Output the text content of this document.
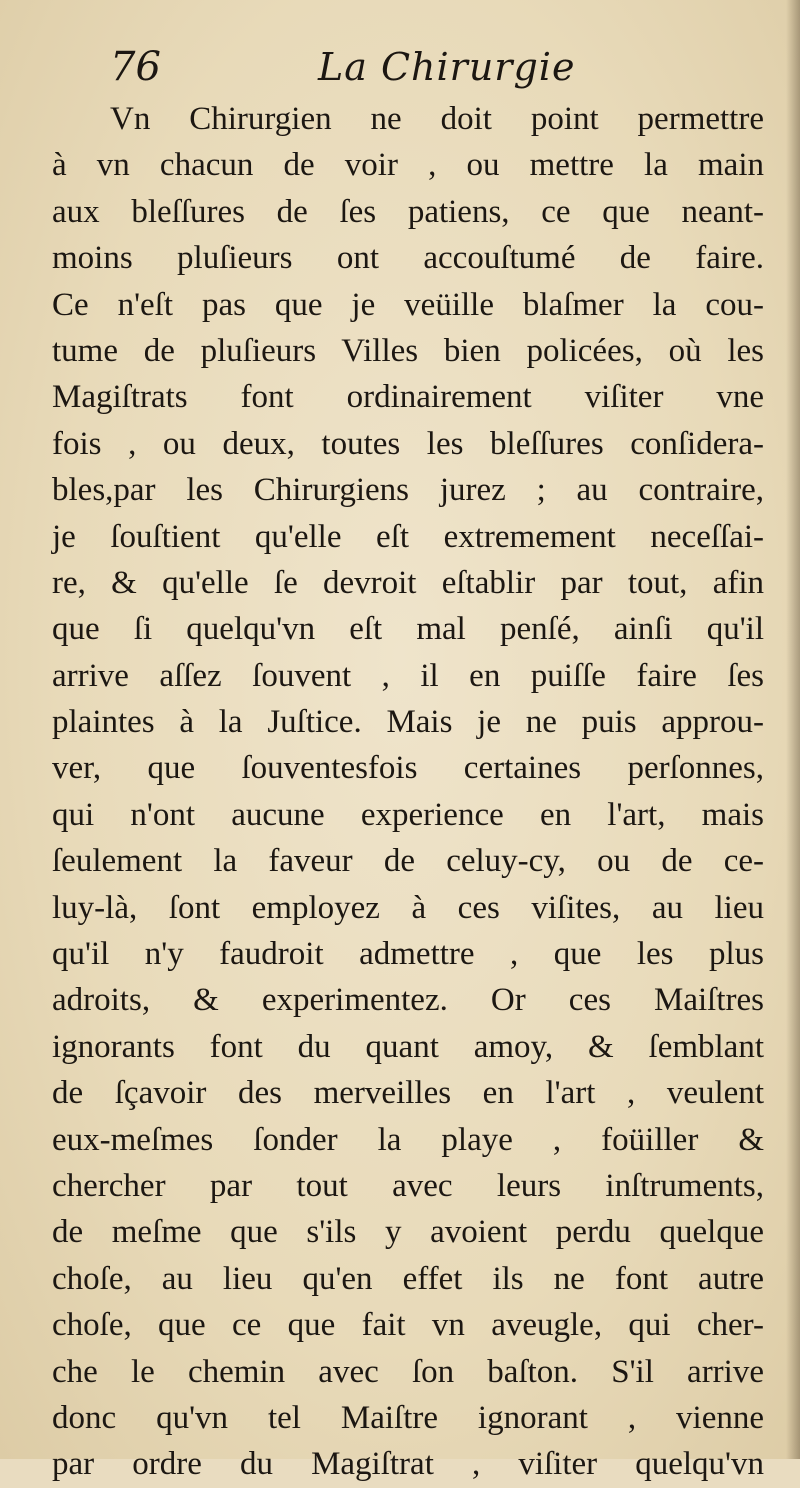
76	La Chirurgie
Vn Chirurgien ne doit point permettre
à vn chacun de voir , ou mettre la main
aux bleſſures de ſes patiens, ce que neant-
moins pluſieurs ont accouſtumé de faire.
Ce n'eſt pas que je veüille blaſmer la cou-
tume de pluſieurs Villes bien policées, où les
Magiſtrats font ordinairement viſiter vne
fois , ou deux, toutes les bleſſures conſidera-
bles,par les Chirurgiens jurez ; au contraire,
je ſouſtient qu'elle eſt extremement neceſſai-
re, & qu'elle ſe devroit eſtablir par tout, afin
que ſi quelqu'vn eſt mal penſé, ainſi qu'il
arrive aſſez ſouvent , il en puiſſe faire ſes
plaintes à la Juſtice. Mais je ne puis approu-
ver, que ſouventesfois certaines perſonnes,
qui n'ont aucune experience en l'art, mais
ſeulement la faveur de celuy-cy, ou de ce-
luy-là, ſont employez à ces viſites, au lieu
qu'il n'y faudroit admettre , que les plus
adroits, & experimentez. Or ces Maiſtres
ignorants font du quant amoy, & ſemblant
de ſçavoir des merveilles en l'art , veulent
eux-meſmes ſonder la playe , foüiller &
chercher par tout avec leurs inſtruments,
de meſme que s'ils y avoient perdu quelque
choſe, au lieu qu'en effet ils ne font autre
choſe, que ce que fait vn aveugle, qui cher-
che le chemin avec ſon baſton. S'il arrive
donc qu'vn tel Maiſtre ignorant , vienne
par ordre du Magiſtrat , viſiter quelqu'vn
